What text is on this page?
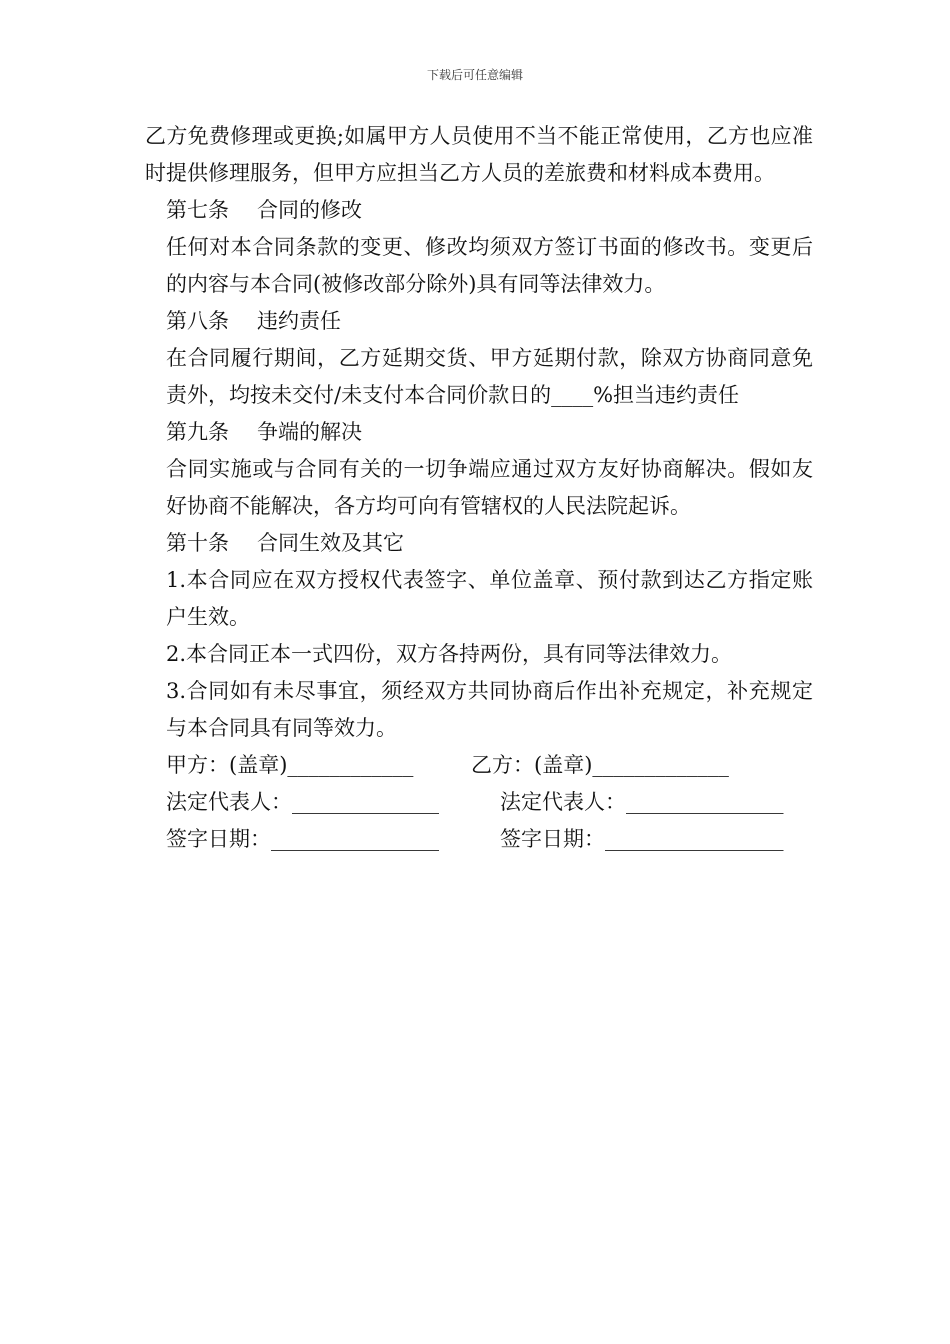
下载后可任意编辑

乙方免费修理或更换;如属甲方人员使用不当不能正常使用，乙方也应准时提供修理服务，但甲方应担当乙方人员的差旅费和材料成本费用。

第七条 合同的修改

任何对本合同条款的变更、修改均须双方签订书面的修改书。变更后的内容与本合同(被修改部分除外)具有同等法律效力。

第八条 违约责任

在合同履行期间，乙方延期交货、甲方延期付款，除双方协商同意免责外，均按未交付/未支付本合同价款日的____%担当违约责任

第九条 争端的解决

合同实施或与合同有关的一切争端应通过双方友好协商解决。假如友好协商不能解决，各方均可向有管辖权的人民法院起诉。

第十条 合同生效及其它

1.本合同应在双方授权代表签字、单位盖章、预付款到达乙方指定账户生效。

2.本合同正本一式四份，双方各持两份，具有同等法律效力。

3.合同如有未尽事宜，须经双方共同协商后作出补充规定，补充规定与本合同具有同等效力。

甲方：(盖章)____________	乙方：(盖章)_____________
法定代表人：______________	法定代表人：_______________
签字日期：________________	签字日期：_________________
